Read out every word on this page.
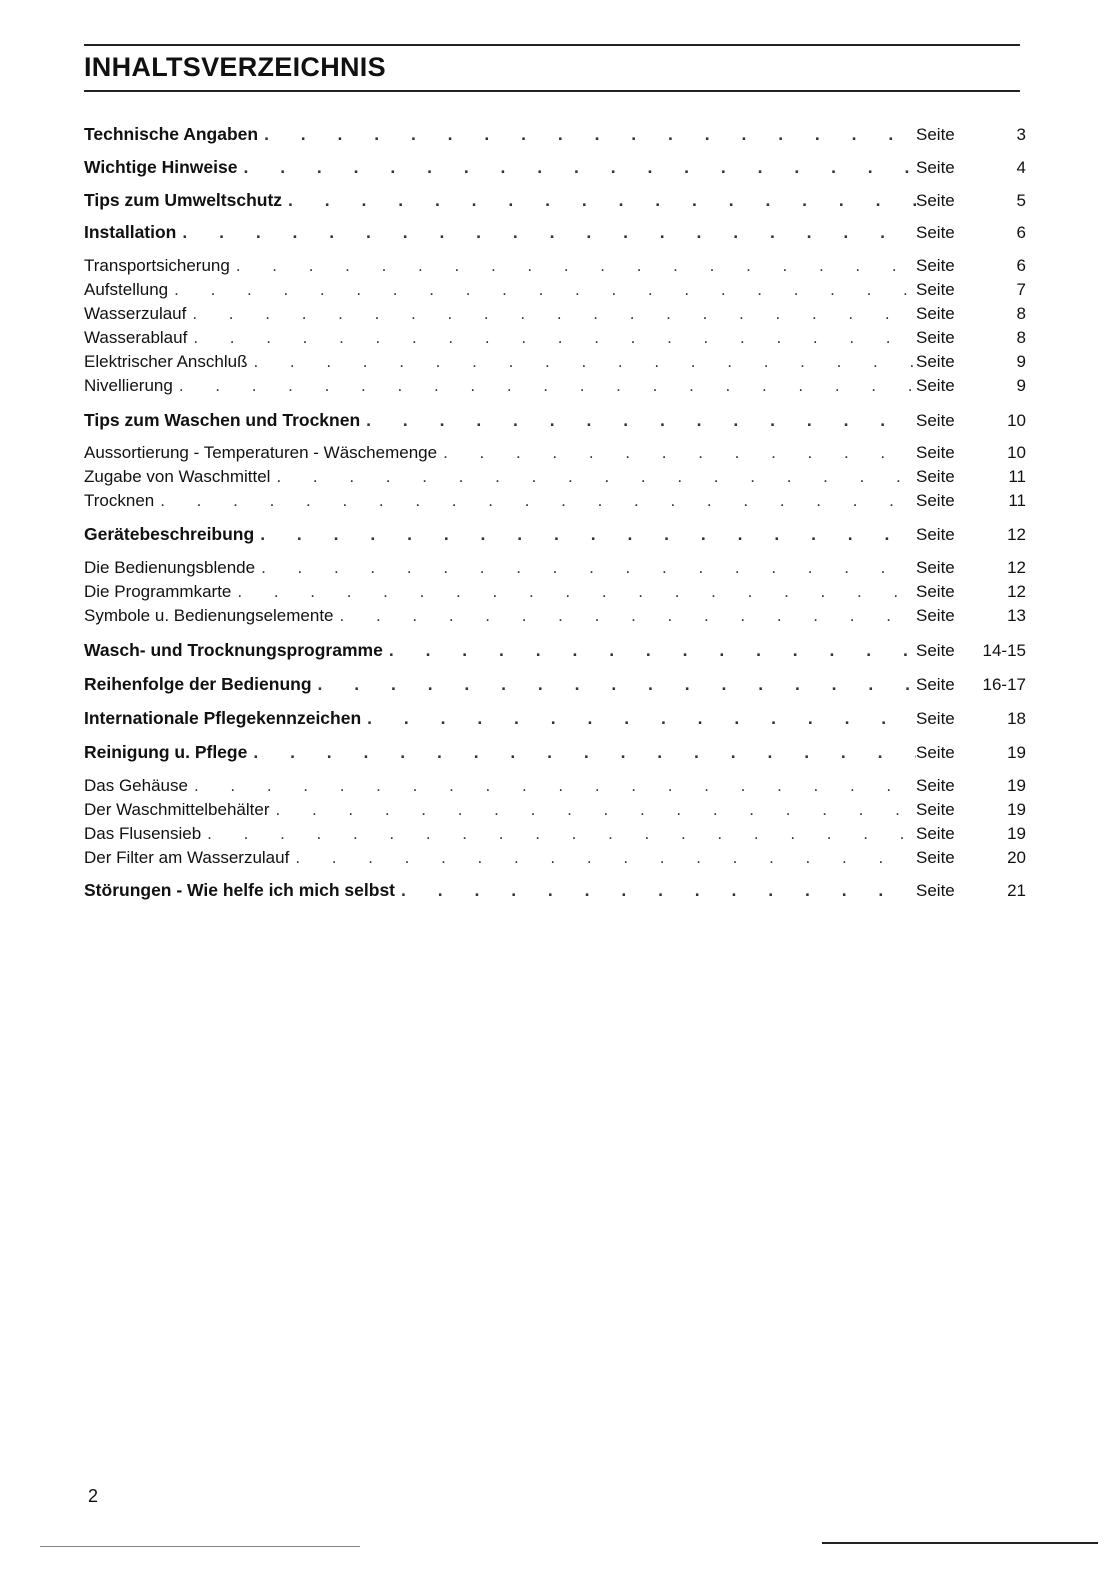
INHALTSVERZEICHNIS
Technische Angaben . . .	Seite	3
Wichtige Hinweise . . .	Seite	4
Tips zum Umweltschutz . . .	Seite	5
Installation . . .	Seite	6
Transportsicherung . . .	Seite	6
Aufstellung . . .	Seite	7
Wasserzulauf . . .	Seite	8
Wasserablauf . . .	Seite	8
Elektrischer Anschluß . . .	Seite	9
Nivellierung . . .	Seite	9
Tips zum Waschen und Trocknen . . .	Seite	10
Aussortierung - Temperaturen - Wäschemenge . . .	Seite	10
Zugabe von Waschmittel . . .	Seite	11
Trocknen . . .	Seite	11
Gerätebeschreibung . . .	Seite	12
Die Bedienungsblende . . .	Seite	12
Die Programmkarte . . .	Seite	12
Symbole u. Bedienungselemente . . .	Seite	13
Wasch- und Trocknungsprogramme . . .	Seite	14-15
Reihenfolge der Bedienung . . .	Seite	16-17
Internationale Pflegekennzeichen . . .	Seite	18
Reinigung u. Pflege . . .	Seite	19
Das Gehäuse . . .	Seite	19
Der Waschmittelbehälter . . .	Seite	19
Das Flusensieb . . .	Seite	19
Der Filter am Wasserzulauf . . .	Seite	20
Störungen - Wie helfe ich mich selbst . . .	Seite	21

2
